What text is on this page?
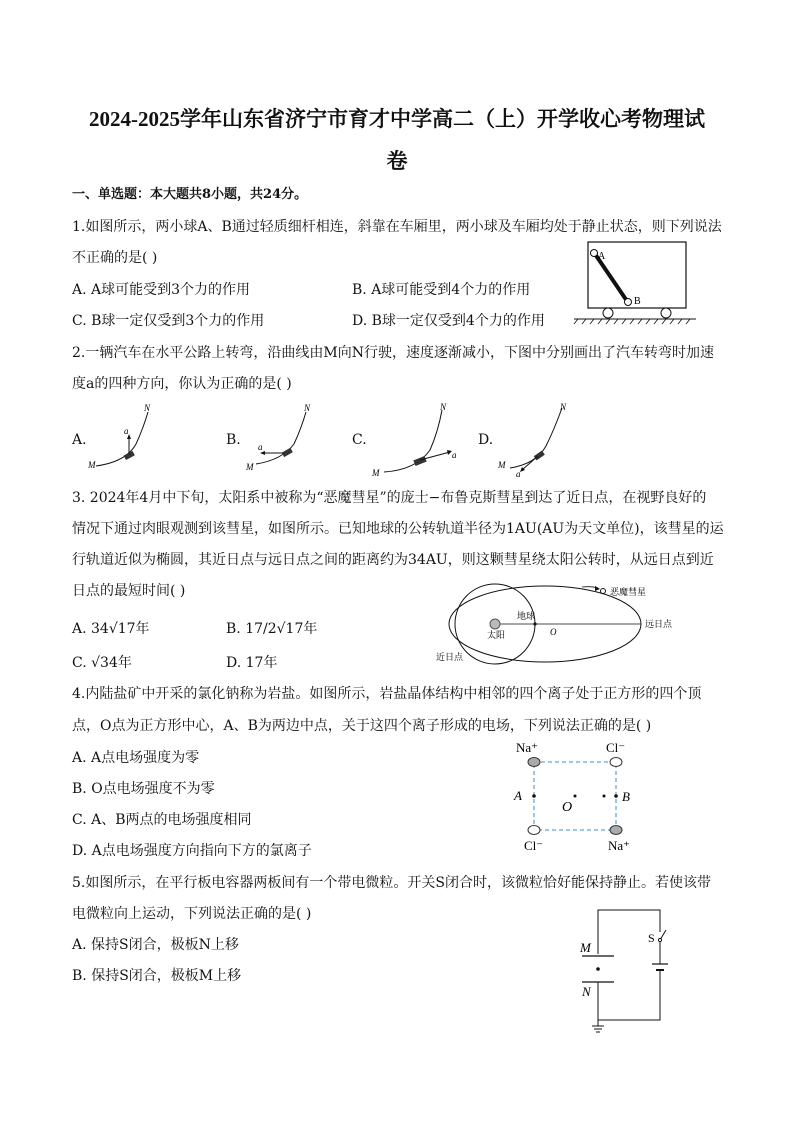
2024-2025学年山东省济宁市育才中学高二（上）开学收心考物理试
卷
一、单选题：本大题共8小题，共24分。
1.如图所示，两小球A、B通过轻质细杆相连，斜靠在车厢里，两小球及车厢均处于静止状态，则下列说法
不正确的是( )
A. A球可能受到3个力的作用	B. A球可能受到4个力的作用
C. B球一定仅受到3个力的作用	D. B球一定仅受到4个力的作用
A
B
2.一辆汽车在水平公路上转弯，沿曲线由M向N行驶，速度逐渐减小，下图中分别画出了汽车转弯时加速
度a的四种方向，你认为正确的是( )
A.
a
M
N
B. a
M
N
C.
a
M
N
D.
a
M
N
3. 2024年4月中下旬，太阳系中被称为“恶魔彗星”的庞士−布鲁克斯彗星到达了近日点，在视野良好的
情况下通过肉眼观测到该彗星，如图所示。已知地球的公转轨道半径为1AU(AU为天文单位)，该彗星的运
行轨道近似为椭圆，其近日点与远日点之间的距离约为34AU，则这颗彗星绕太阳公转时，从远日点到近
日点的最短时间( )
A. 34√17年	B. 17/2√17年
C. √34年	D. 17年
恶魔彗星
地球
太阳	O
远日点
近日点
4.内陆盐矿中开采的氯化钠称为岩盐。如图所示，岩盐晶体结构中相邻的四个离子处于正方形的四个顶
点，O点为正方形中心，A、B为两边中点，关于这四个离子形成的电场，下列说法正确的是( )
A. A点电场强度为零
B. O点电场强度不为零
C. A、B两点的电场强度相同
D. A点电场强度方向指向下方的氯离子
Na⁺	Cl⁻
Cl⁻	Na⁺
A
O
B
5.如图所示，在平行板电容器两板间有一个带电微粒。开关S闭合时，该微粒恰好能保持静止。若使该带
电微粒向上运动，下列说法正确的是( )
A. 保持S闭合，极板N上移
B. 保持S闭合，极板M上移
M
N
S
